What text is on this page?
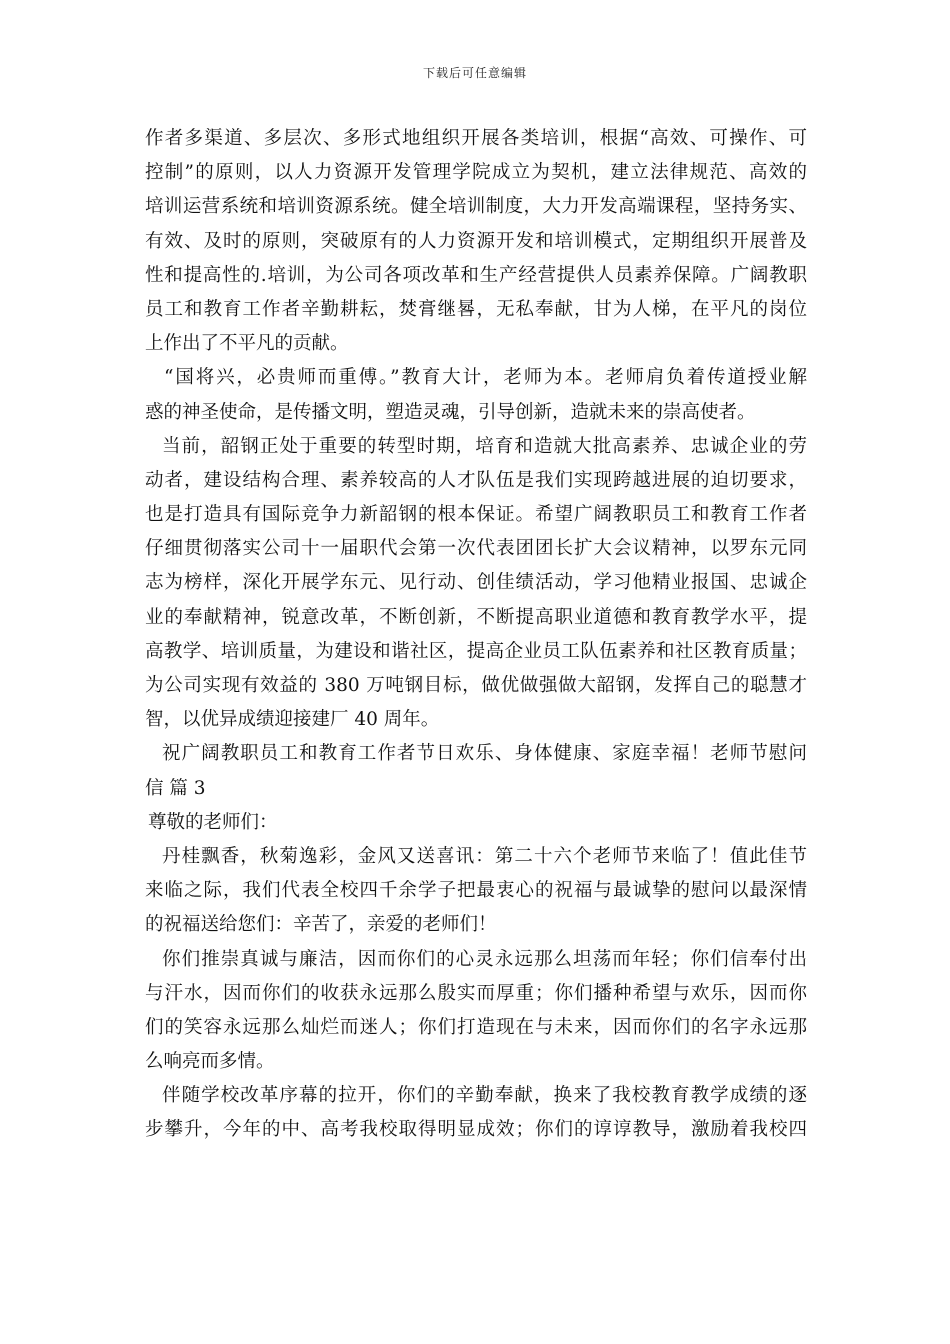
下载后可任意编辑
作者多渠道、多层次、多形式地组织开展各类培训，根据“高效、可操作、可
控制”的原则，以人力资源开发管理学院成立为契机，建立法律规范、高效的
培训运营系统和培训资源系统。健全培训制度，大力开发高端课程，坚持务实、
有效、及时的原则，突破原有的人力资源开发和培训模式，定期组织开展普及
性和提高性的.培训，为公司各项改革和生产经营提供人员素养保障。广阔教职
员工和教育工作者辛勤耕耘，焚膏继晷，无私奉献，甘为人梯，在平凡的岗位
上作出了不平凡的贡献。
“国将兴，必贵师而重傅。”教育大计，老师为本。老师肩负着传道授业解
惑的神圣使命，是传播文明，塑造灵魂，引导创新，造就未来的崇高使者。
当前，韶钢正处于重要的转型时期，培育和造就大批高素养、忠诚企业的劳
动者，建设结构合理、素养较高的人才队伍是我们实现跨越进展的迫切要求，
也是打造具有国际竞争力新韶钢的根本保证。希望广阔教职员工和教育工作者
仔细贯彻落实公司十一届职代会第一次代表团团长扩大会议精神，以罗东元同
志为榜样，深化开展学东元、见行动、创佳绩活动，学习他精业报国、忠诚企
业的奉献精神，锐意改革，不断创新，不断提高职业道德和教育教学水平，提
高教学、培训质量，为建设和谐社区，提高企业员工队伍素养和社区教育质量；
为公司实现有效益的 380 万吨钢目标，做优做强做大韶钢，发挥自己的聪慧才
智，以优异成绩迎接建厂 40 周年。
祝广阔教职员工和教育工作者节日欢乐、身体健康、家庭幸福！老师节慰问
信 篇 3
尊敬的老师们：
丹桂飘香，秋菊逸彩，金风又送喜讯：第二十六个老师节来临了！值此佳节
来临之际，我们代表全校四千余学子把最衷心的祝福与最诚挚的慰问以最深情
的祝福送给您们：辛苦了，亲爱的老师们！
你们推崇真诚与廉洁，因而你们的心灵永远那么坦荡而年轻；你们信奉付出
与汗水，因而你们的收获永远那么殷实而厚重；你们播种希望与欢乐，因而你
们的笑容永远那么灿烂而迷人；你们打造现在与未来，因而你们的名字永远那
么响亮而多情。
伴随学校改革序幕的拉开，你们的辛勤奉献，换来了我校教育教学成绩的逐
步攀升，今年的中、高考我校取得明显成效；你们的谆谆教导，激励着我校四
